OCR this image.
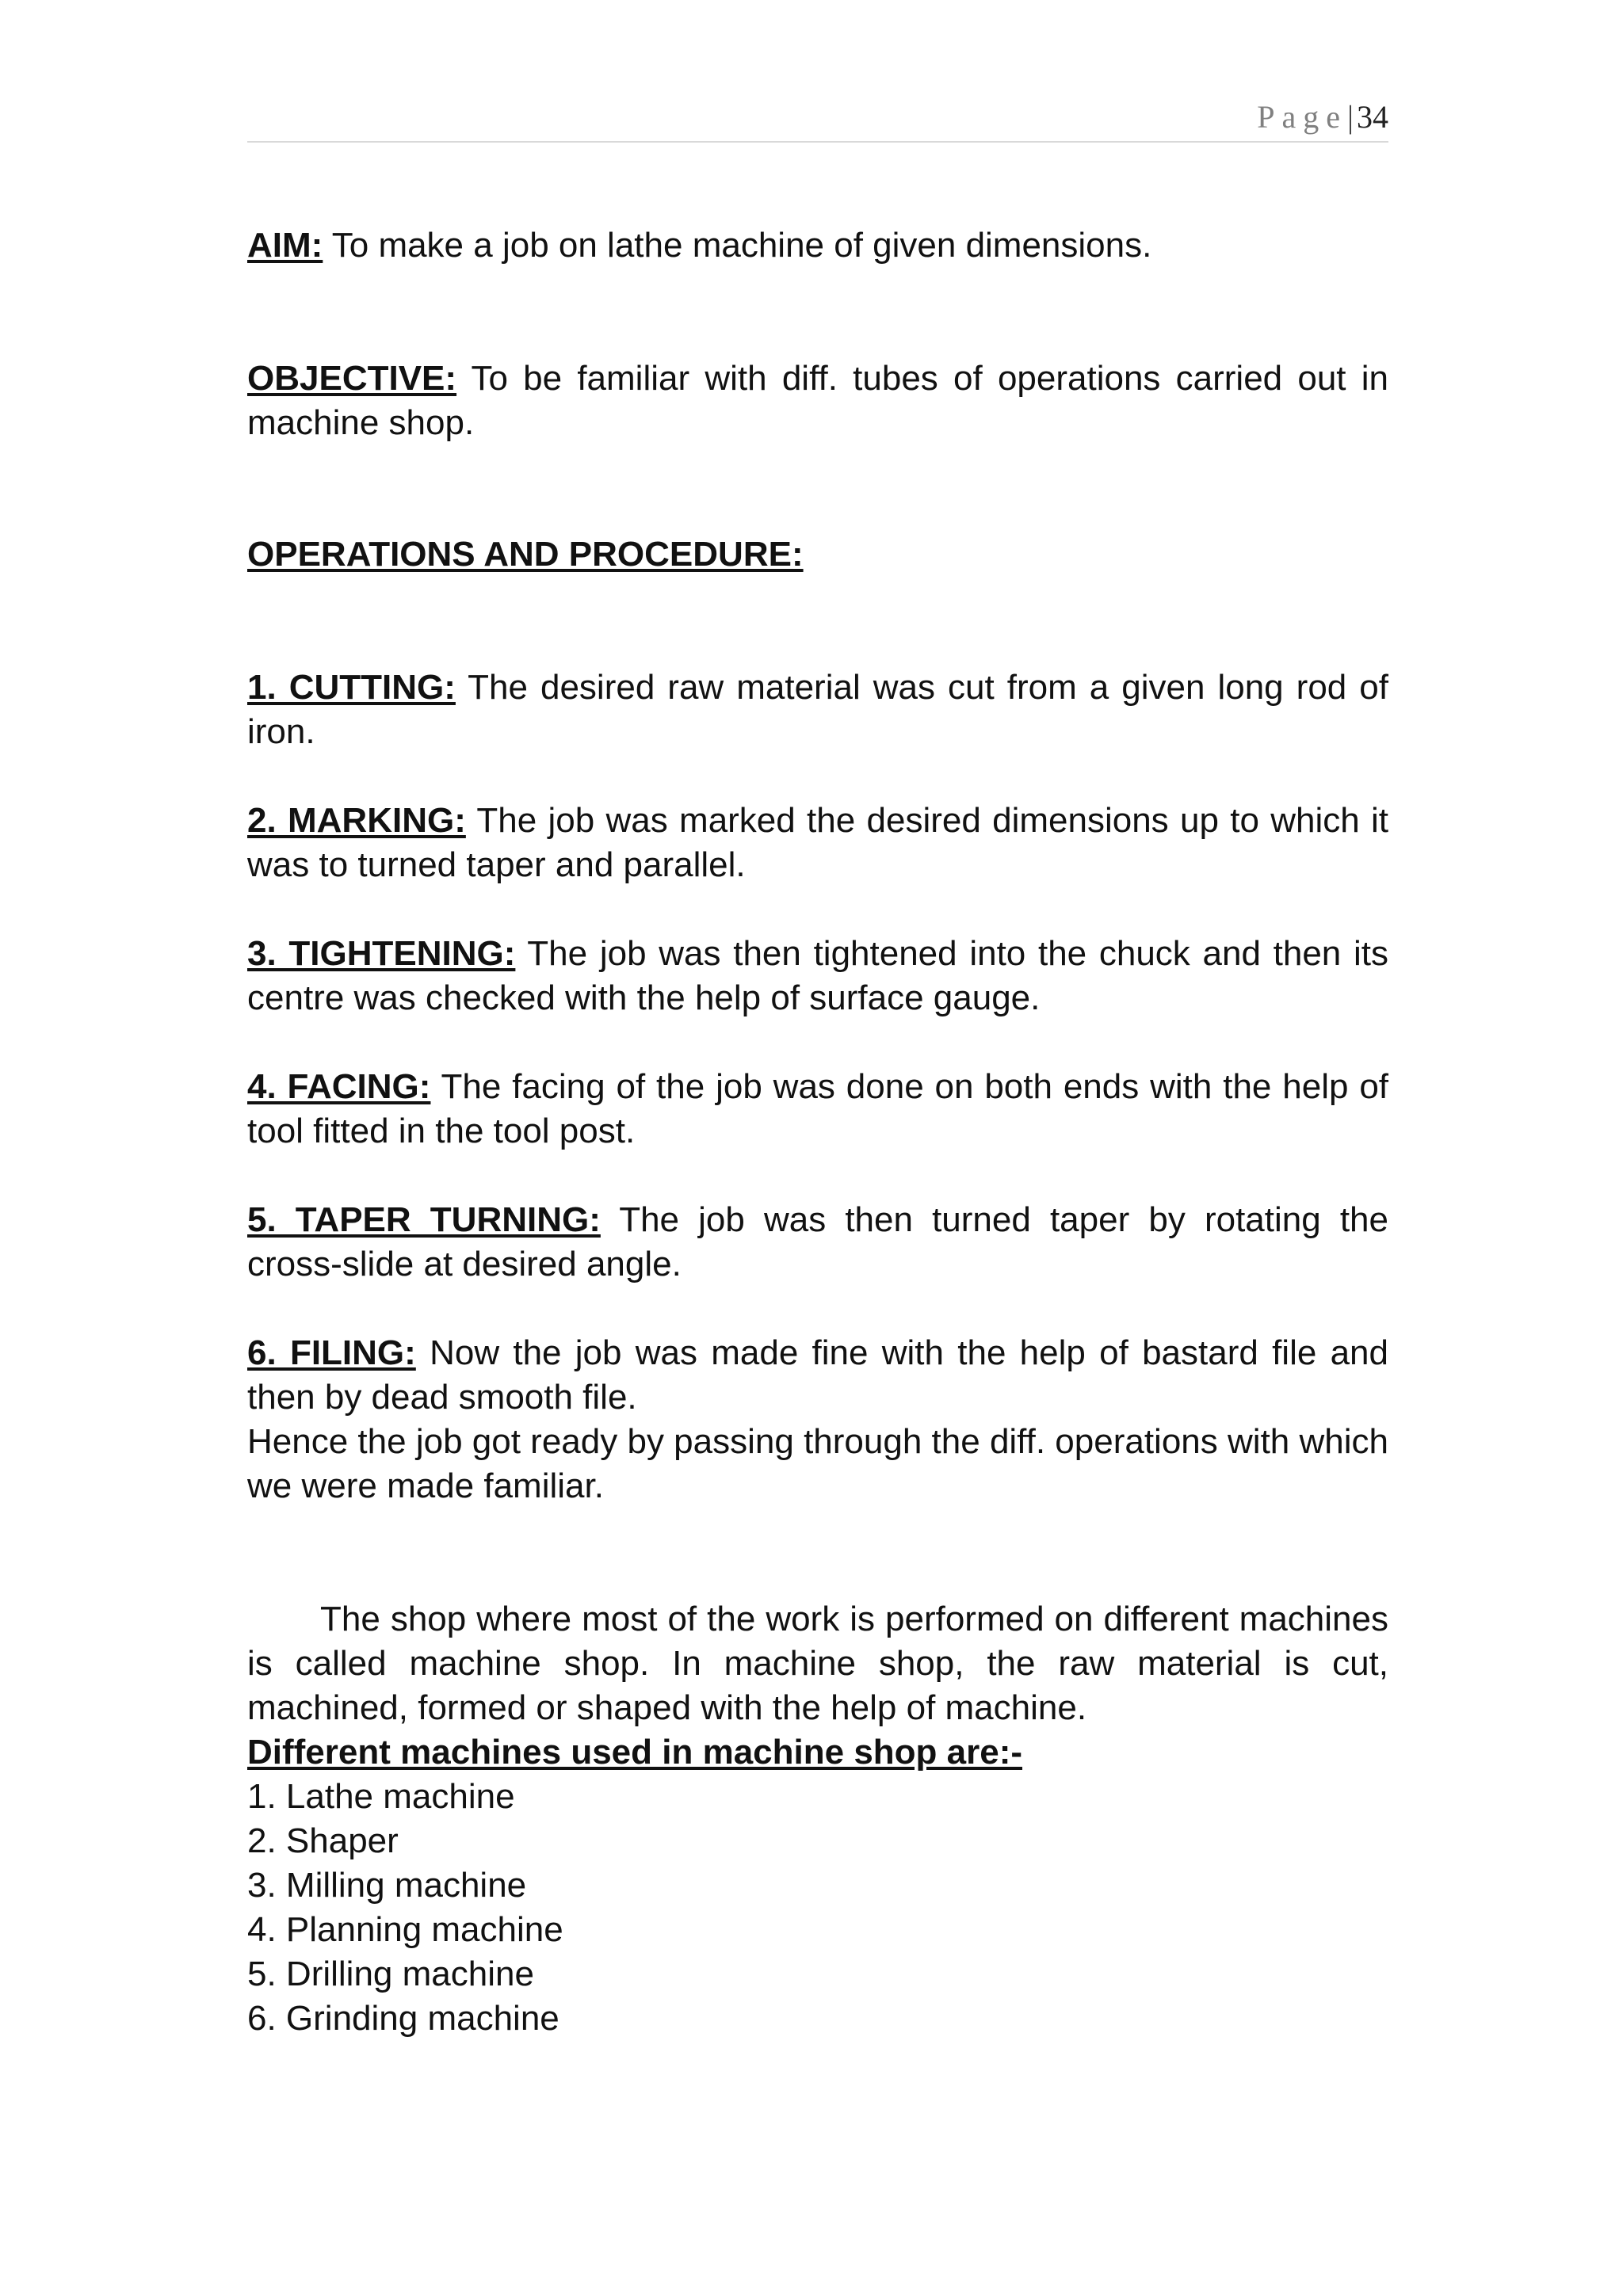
Page| 34

AIM: To make a job on lathe machine of given dimensions.

OBJECTIVE: To be familiar with diff. tubes of operations carried out in machine shop.

OPERATIONS AND PROCEDURE:

1. CUTTING: The desired raw material was cut from a given long rod of iron.

2. MARKING: The job was marked the desired dimensions up to which it was to turned taper and parallel.

3. TIGHTENING: The job was then tightened into the chuck and then its centre was checked with the help of surface gauge.

4. FACING: The facing of the job was done on both ends with the help of tool fitted in the tool post.

5. TAPER TURNING: The job was then turned taper by rotating the cross-slide at desired angle.

6. FILING: Now the job was made fine with the help of bastard file and then by dead smooth file.

Hence the job got ready by passing through the diff. operations with which we were made familiar.

The shop where most of the work is performed on different machines is called machine shop. In machine shop, the raw material is cut, machined, formed or shaped with the help of machine.

Different machines used in machine shop are:-

1. Lathe machine
2. Shaper
3. Milling machine
4. Planning machine
5. Drilling machine
6. Grinding machine
